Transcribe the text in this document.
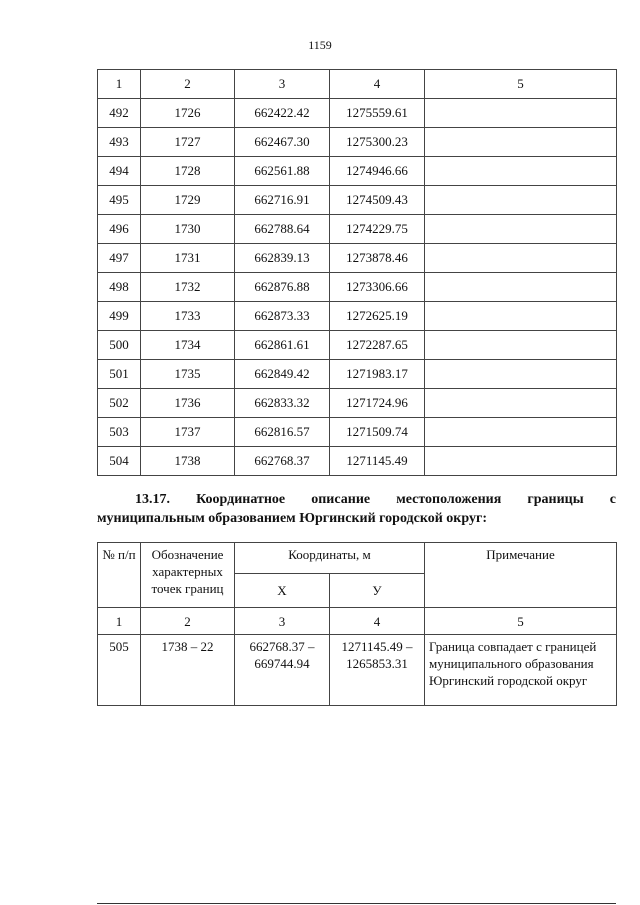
1159
1	2	3	4	5
492	1726	662422.42	1275559.61	
493	1727	662467.30	1275300.23	
494	1728	662561.88	1274946.66	
495	1729	662716.91	1274509.43	
496	1730	662788.64	1274229.75	
497	1731	662839.13	1273878.46	
498	1732	662876.88	1273306.66	
499	1733	662873.33	1272625.19	
500	1734	662861.61	1272287.65	
501	1735	662849.42	1271983.17	
502	1736	662833.32	1271724.96	
503	1737	662816.57	1271509.74	
504	1738	662768.37	1271145.49	
13.17. Координатное описание местоположения границы с
муниципальным образованием Юргинский городской округ:
№ п/п	Обозначение характерных точек границ	Координаты, м		Примечание
		Х	У	
1	2	3	4	5
505	1738 – 22	662768.37 – 669744.94	1271145.49 – 1265853.31	Граница совпадает с границей муниципального образования Юргинский городской округ
